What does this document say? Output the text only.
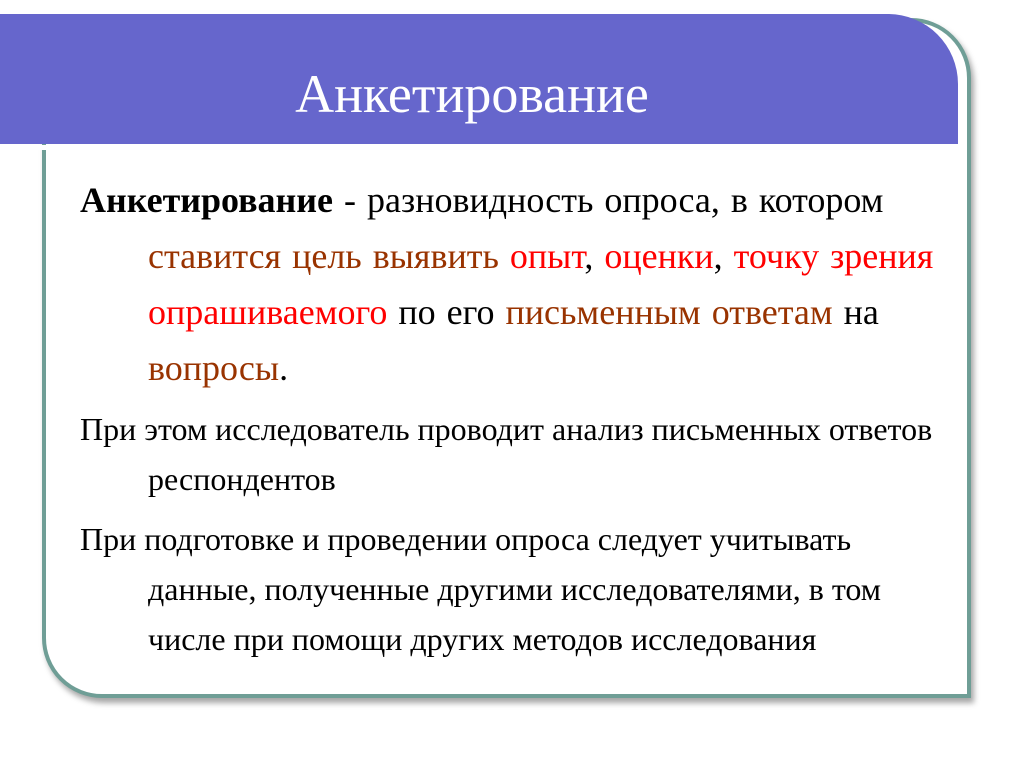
Анкетирование

Анкетирование - разновидность опроса, в котором ставится цель выявить опыт, оценки, точку зрения опрашиваемого по его письменным ответам на вопросы.

При этом исследователь проводит анализ письменных ответов респондентов

При подготовке и проведении опроса следует учитывать данные, полученные другими исследователями, в том числе при помощи других методов исследования
